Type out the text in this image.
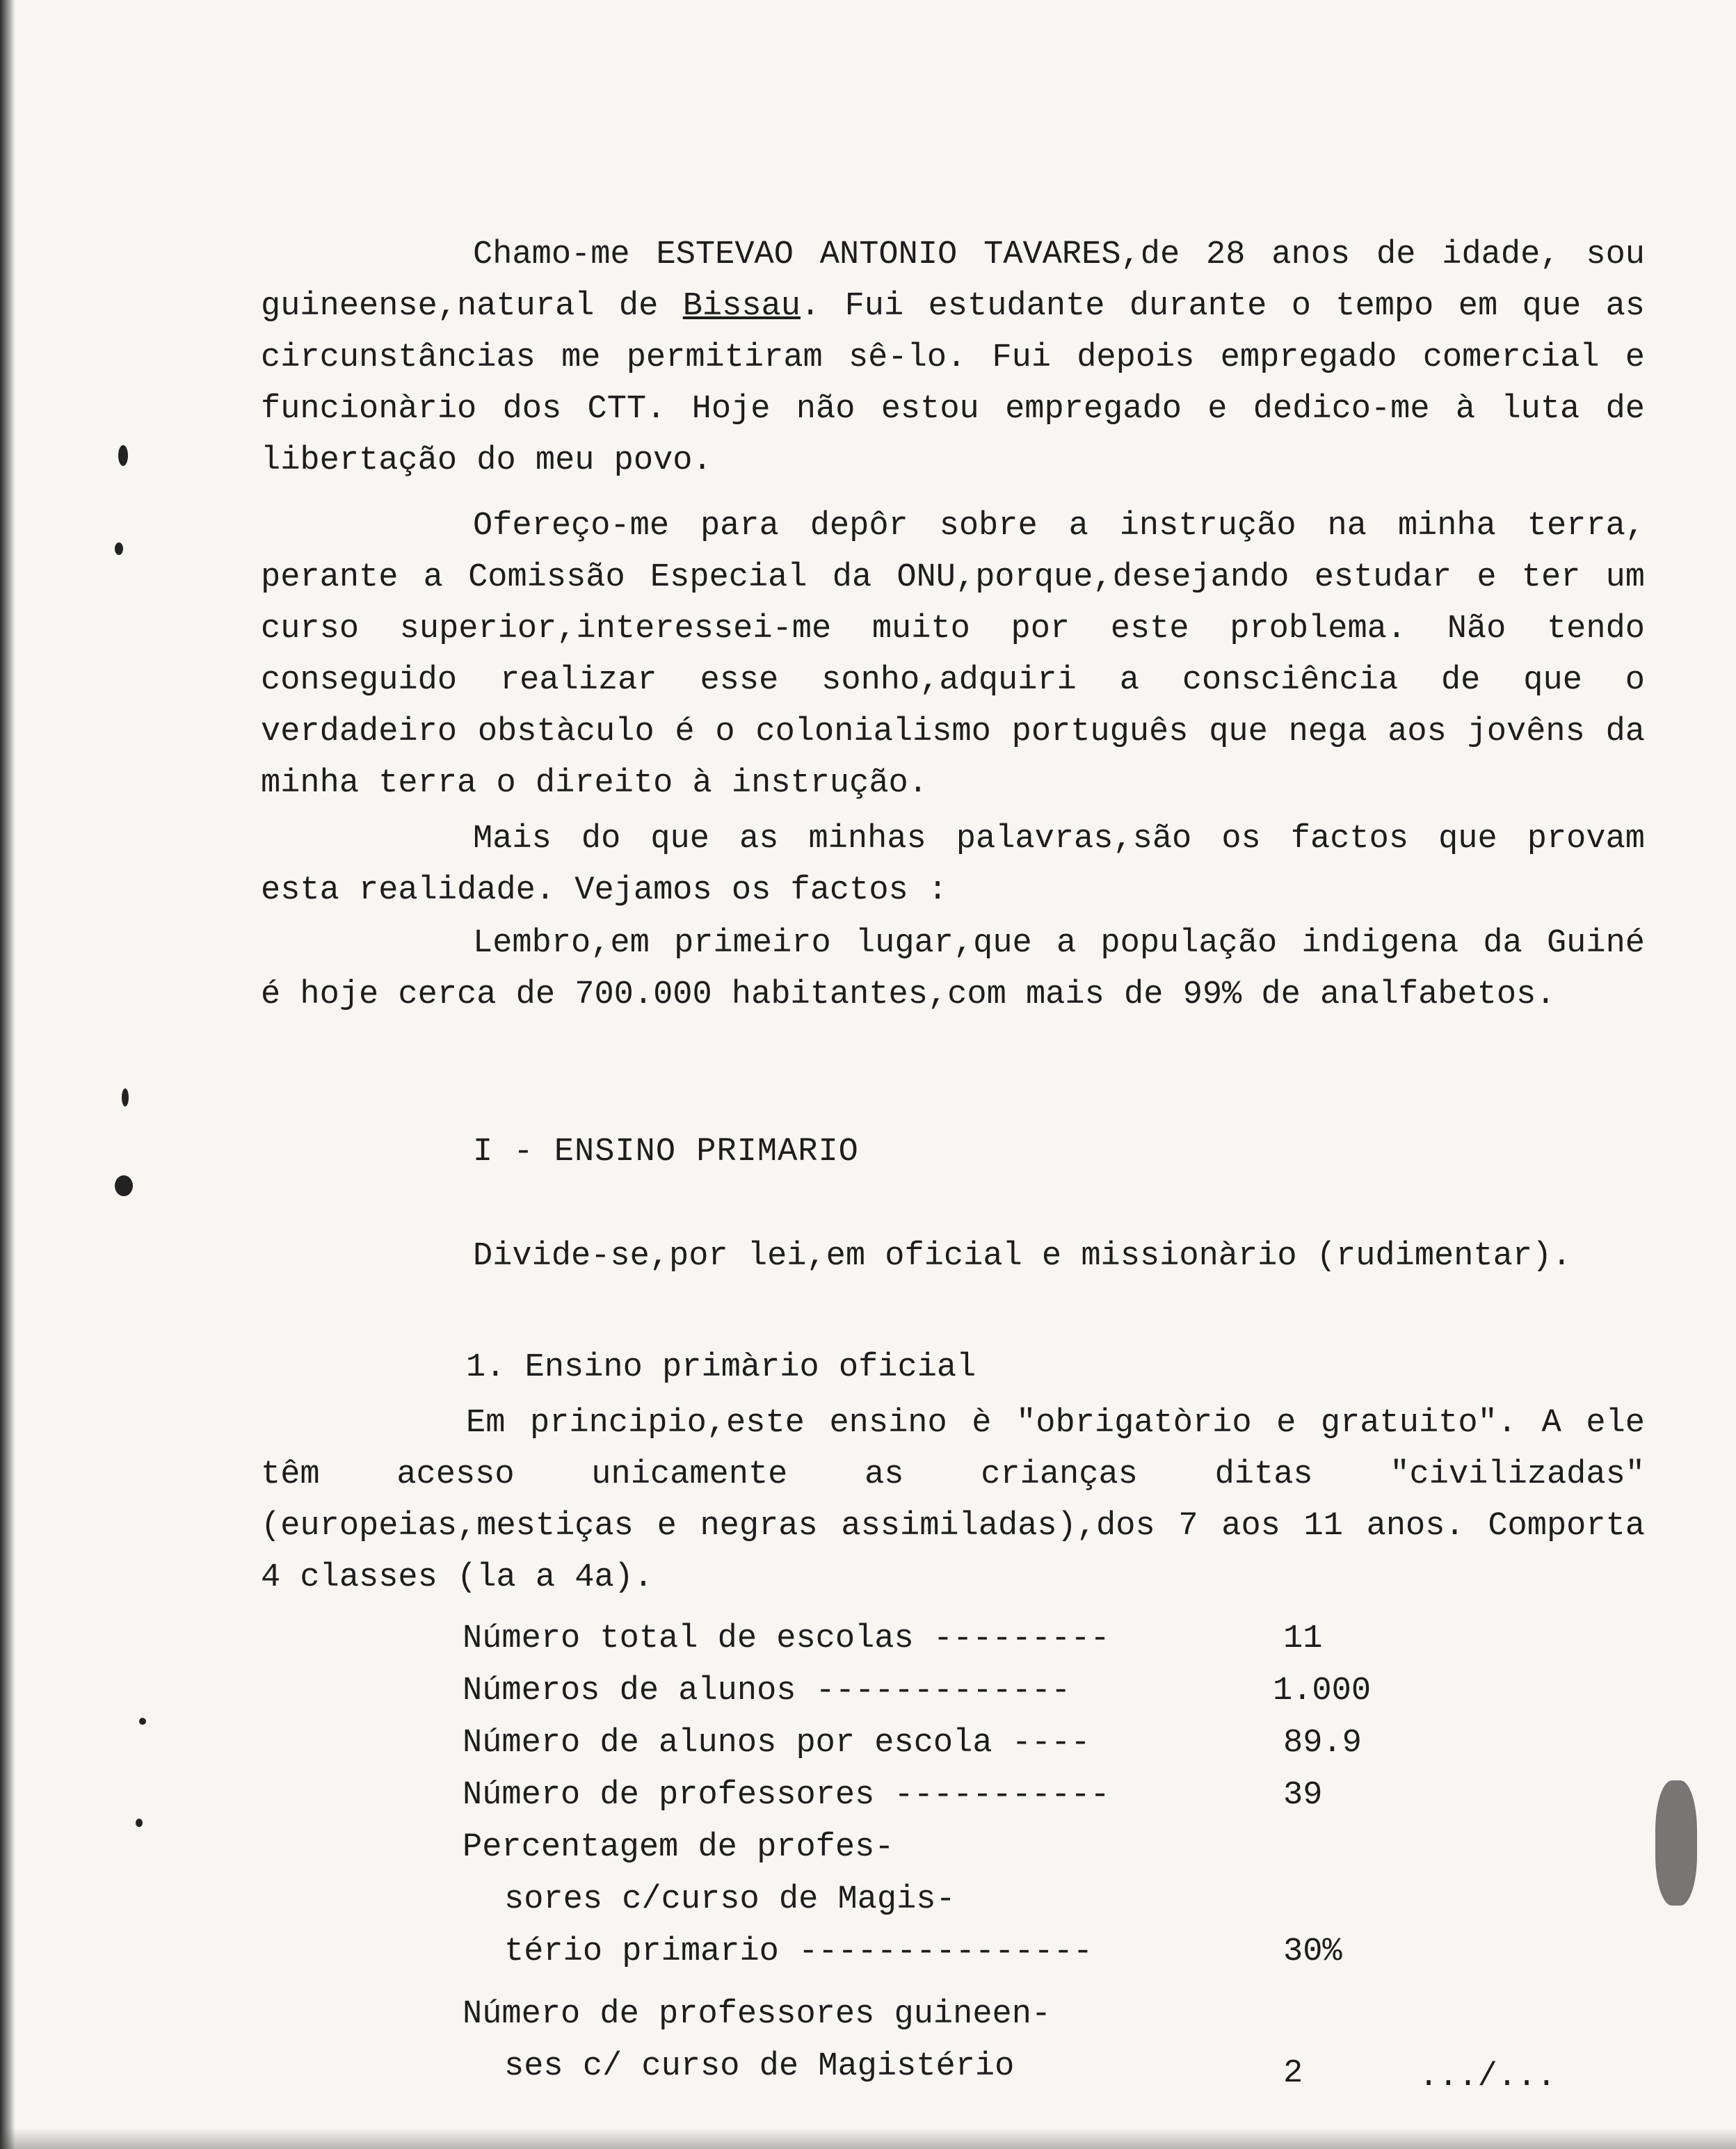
Chamo-me ESTEVAO ANTONIO TAVARES,de 28 anos de idade, sou guineense,natural de Bissau. Fui estudante durante o tempo em que as circunstâncias me permitiram sê-lo. Fui depois empregado comercial e funcionàrio dos CTT. Hoje não estou empregado e dedico-me à luta de libertação do meu povo.
Ofereço-me para depôr sobre a instrução na minha terra, perante a Comissão Especial da ONU,porque,desejando estudar e ter um curso superior,interessei-me muito por este problema. Não tendo conseguido realizar esse sonho,adquiri a consciência de que o verdadeiro obstàculo é o colonialismo português que nega aos jovêns da minha terra o direito à instrução.
Mais do que as minhas palavras,são os factos que provam esta realidade. Vejamos os factos :
Lembro,em primeiro lugar,que a população indigena da Guiné é hoje cerca de 700.000 habitantes,com mais de 99% de analfabetos.
I - ENSINO PRIMARIO
Divide-se,por lei,em oficial e missionàrio (rudimentar).
1. Ensino primàrio oficial
Em principio,este ensino è "obrigatòrio e gratuito". A ele têm acesso unicamente as crianças ditas "civilizadas" (europeias,mestiças e negras assimiladas),dos 7 aos 11 anos. Comporta 4 classes (la a 4a).
Número total de escolas ---------	11
Números de alunos -------------	1.000
Número de alunos por escola ----	89.9
Número de professores -----------	39
Percentagem de profes-
sores c/curso de Magis-
tério primario ---------------	30%
Número de professores guineen-
ses c/ curso de Magistério	2	.../...
